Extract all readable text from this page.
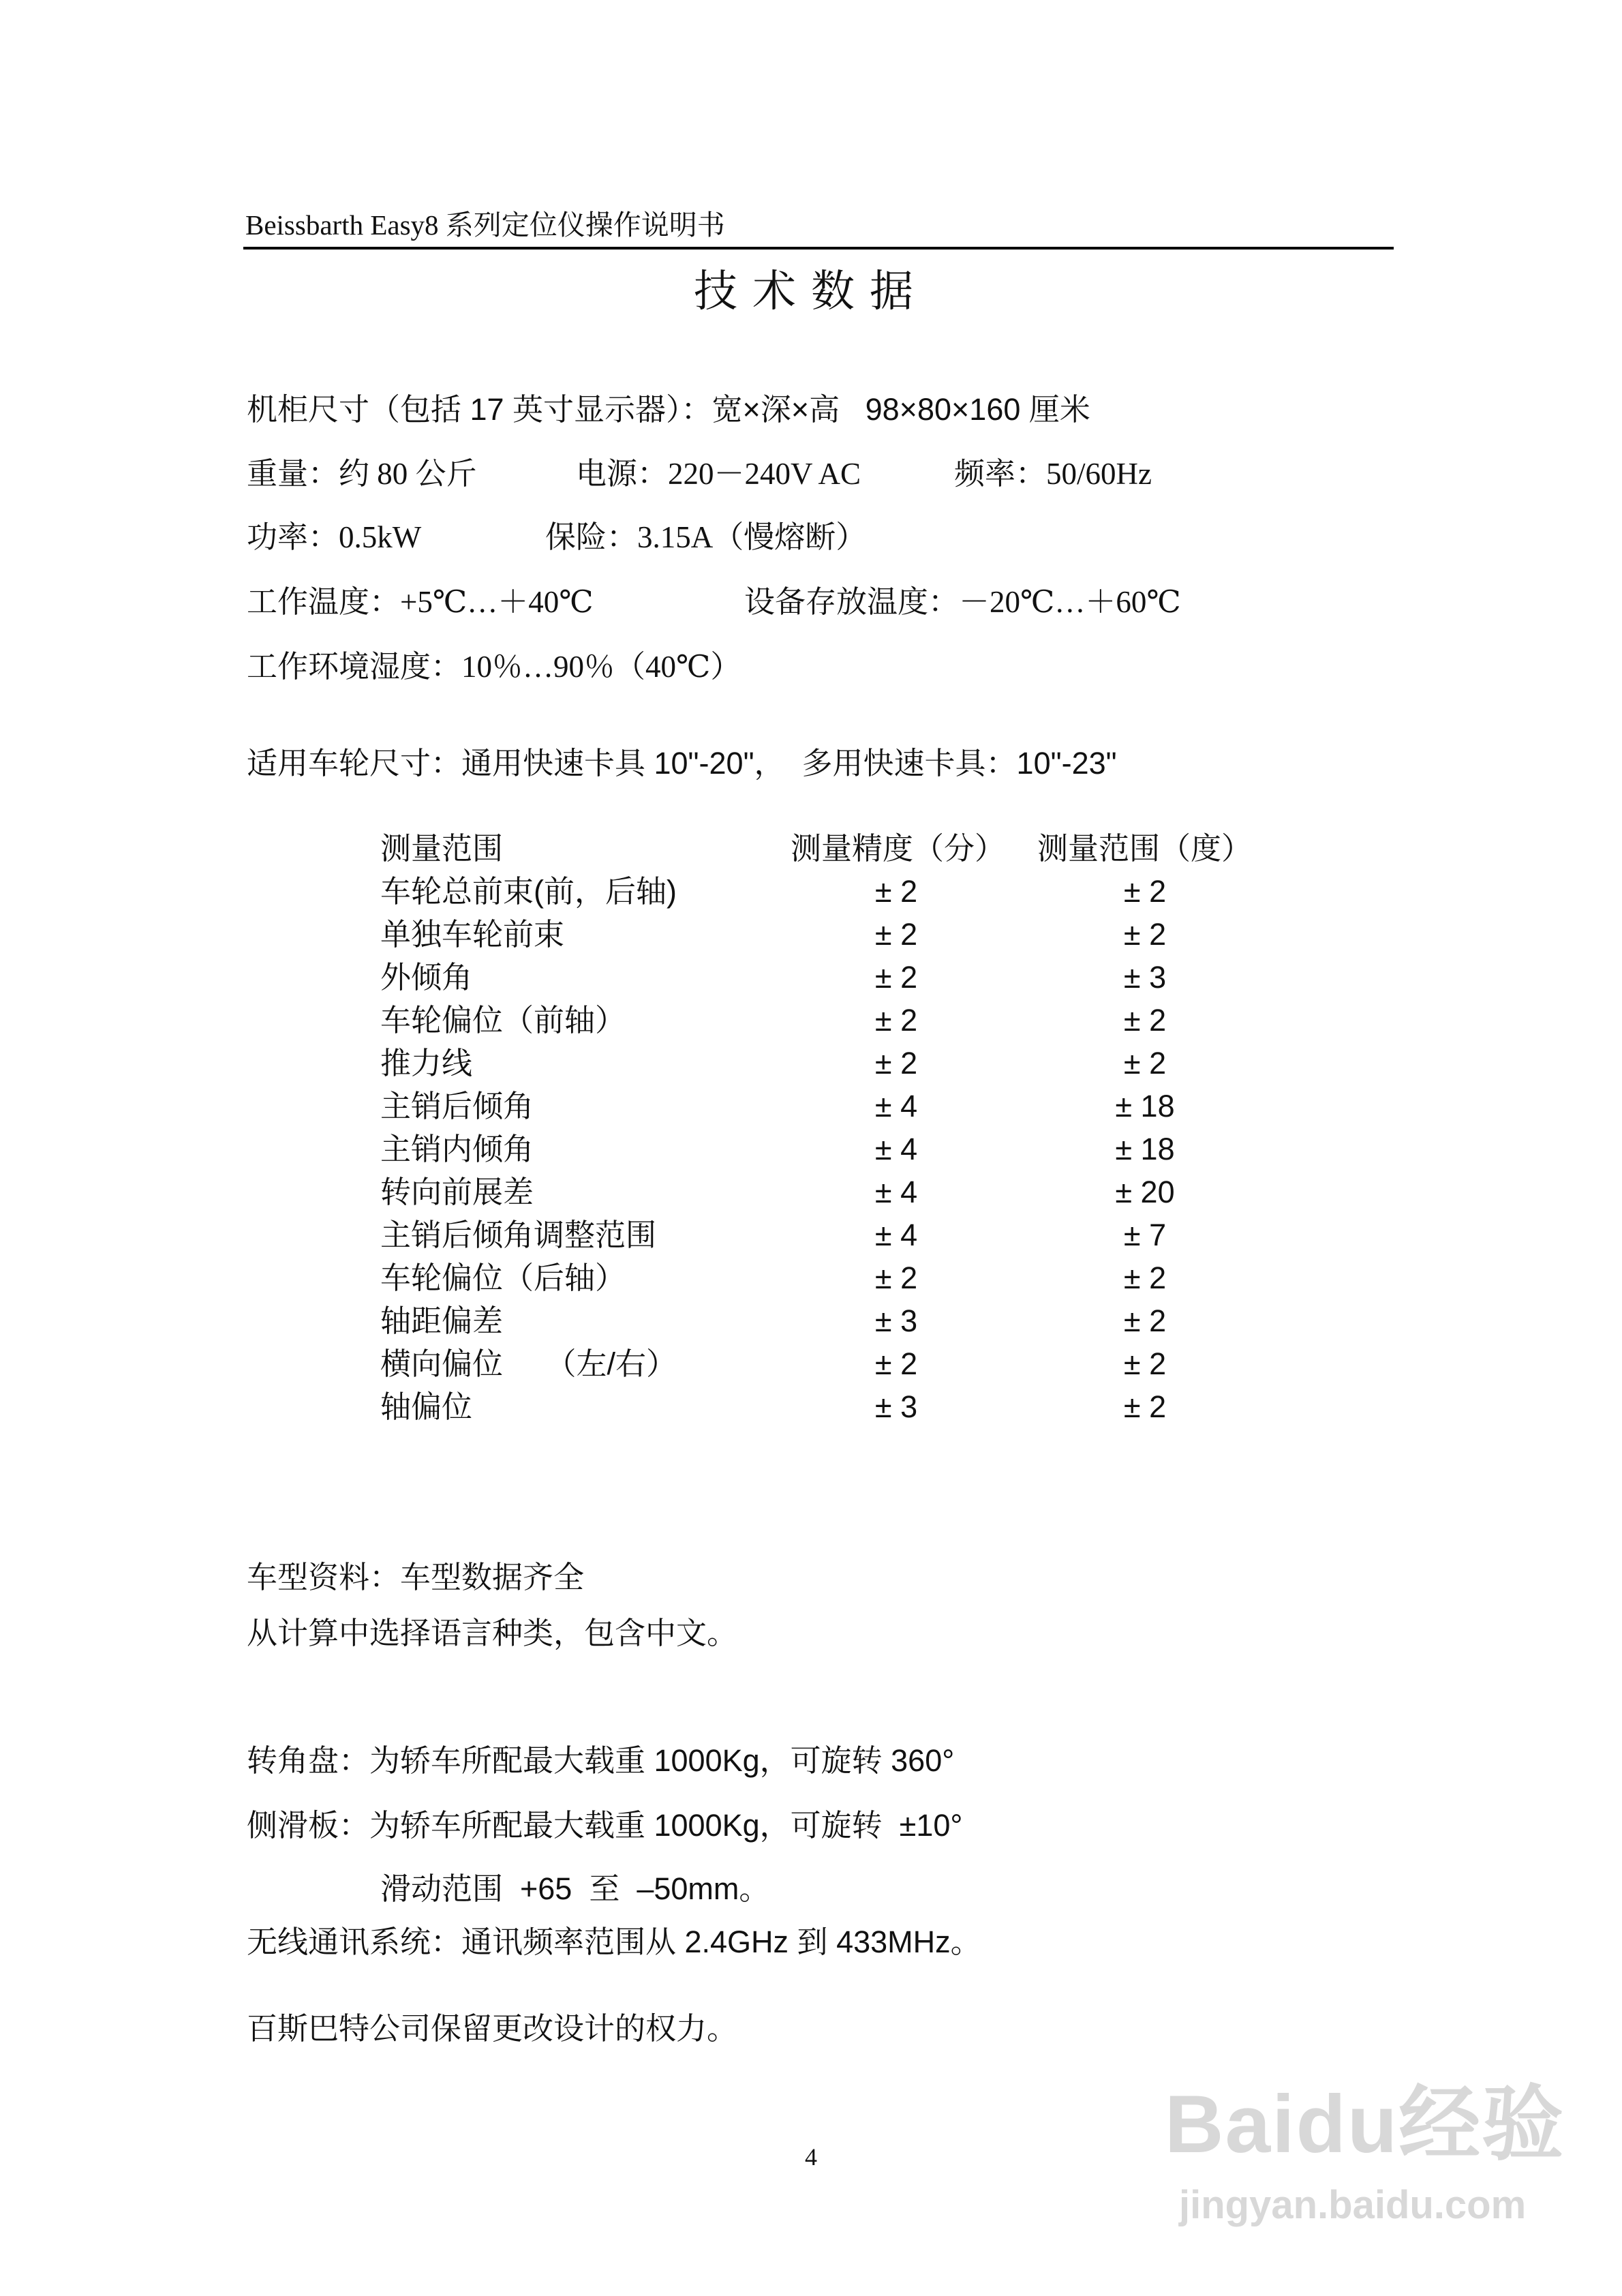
Beissbarth Easy8 系列定位仪操作说明书
技术数据
机柜尺寸（包括 17 英寸显示器）：宽×深×高   98×80×160 厘米
重量：约 80 公斤	电源：220－240V AC	频率：50/60Hz
功率：0.5kW	保险：3.15A（慢熔断）
工作温度：+5℃…＋40℃	设备存放温度：－20℃…＋60℃
工作环境湿度：10％…90％（40℃）
适用车轮尺寸：通用快速卡具 10"-20"，  多用快速卡具：10"-23"
测量范围	测量精度（分） 测量范围（度）
车轮总前束(前，后轴)	± 2	± 2
单独车轮前束	± 2	± 2
外倾角	± 2	± 3
车轮偏位（前轴）	± 2	± 2
推力线	± 2	± 2
主销后倾角	± 4	± 18
主销内倾角	± 4	± 18
转向前展差	± 4	± 20
主销后倾角调整范围	± 4	± 7
车轮偏位（后轴）	± 2	± 2
轴距偏差	± 3	± 2
横向偏位     （左/右）	± 2	± 2
轴偏位	± 3	± 2
车型资料：车型数据齐全
从计算中选择语言种类，包含中文。
转角盘：为轿车所配最大载重 1000Kg，可旋转 360°
侧滑板：为轿车所配最大载重 1000Kg，可旋转  ±10°
滑动范围  +65  至  –50mm。
无线通讯系统：通讯频率范围从 2.4GHz 到 433MHz。
百斯巴特公司保留更改设计的权力。
4	Baidu经验

jingyan.baidu.com
